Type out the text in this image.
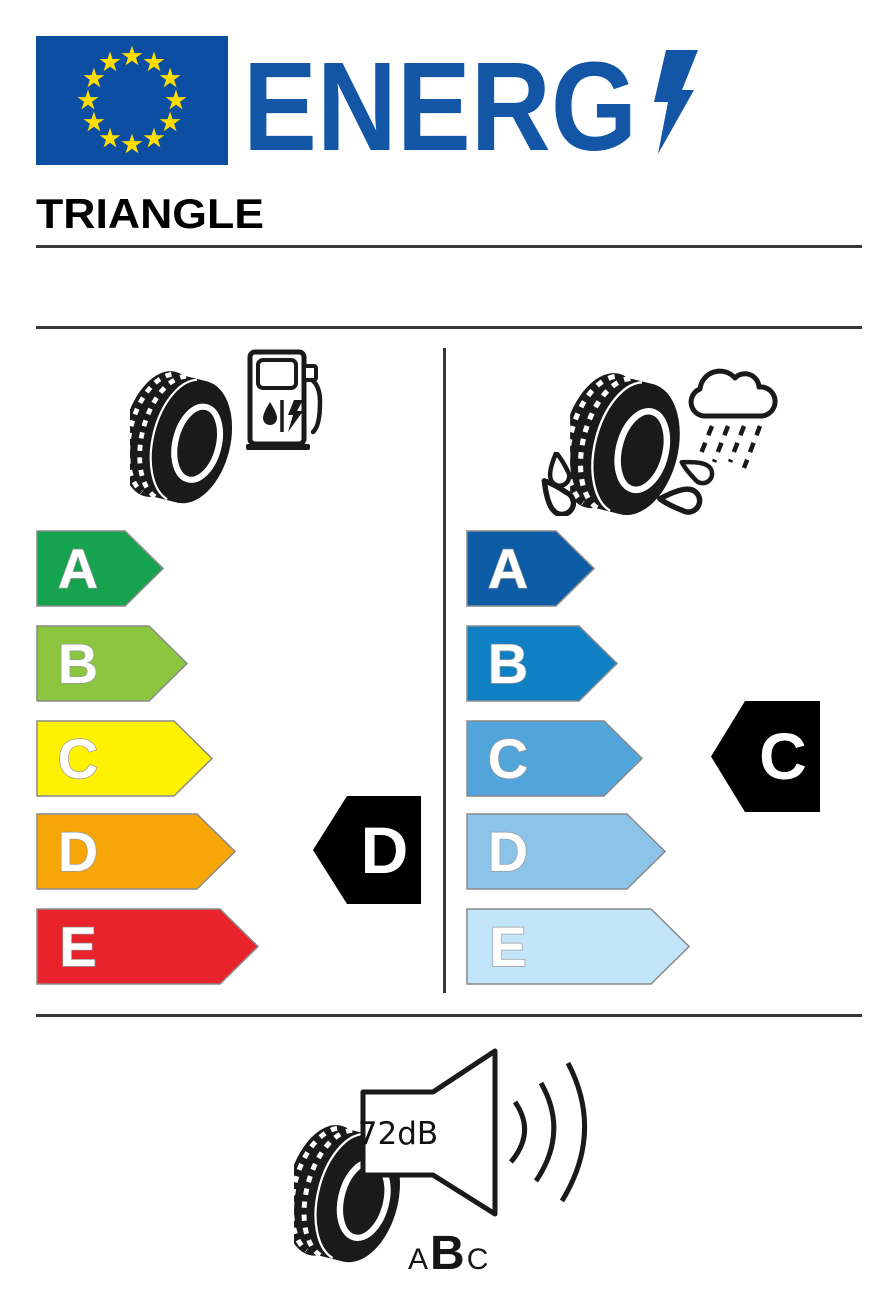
ENERG
TRIANGLE
A
B
C
D
E
A
B
C
D
E
D
C
72dB
A B C
